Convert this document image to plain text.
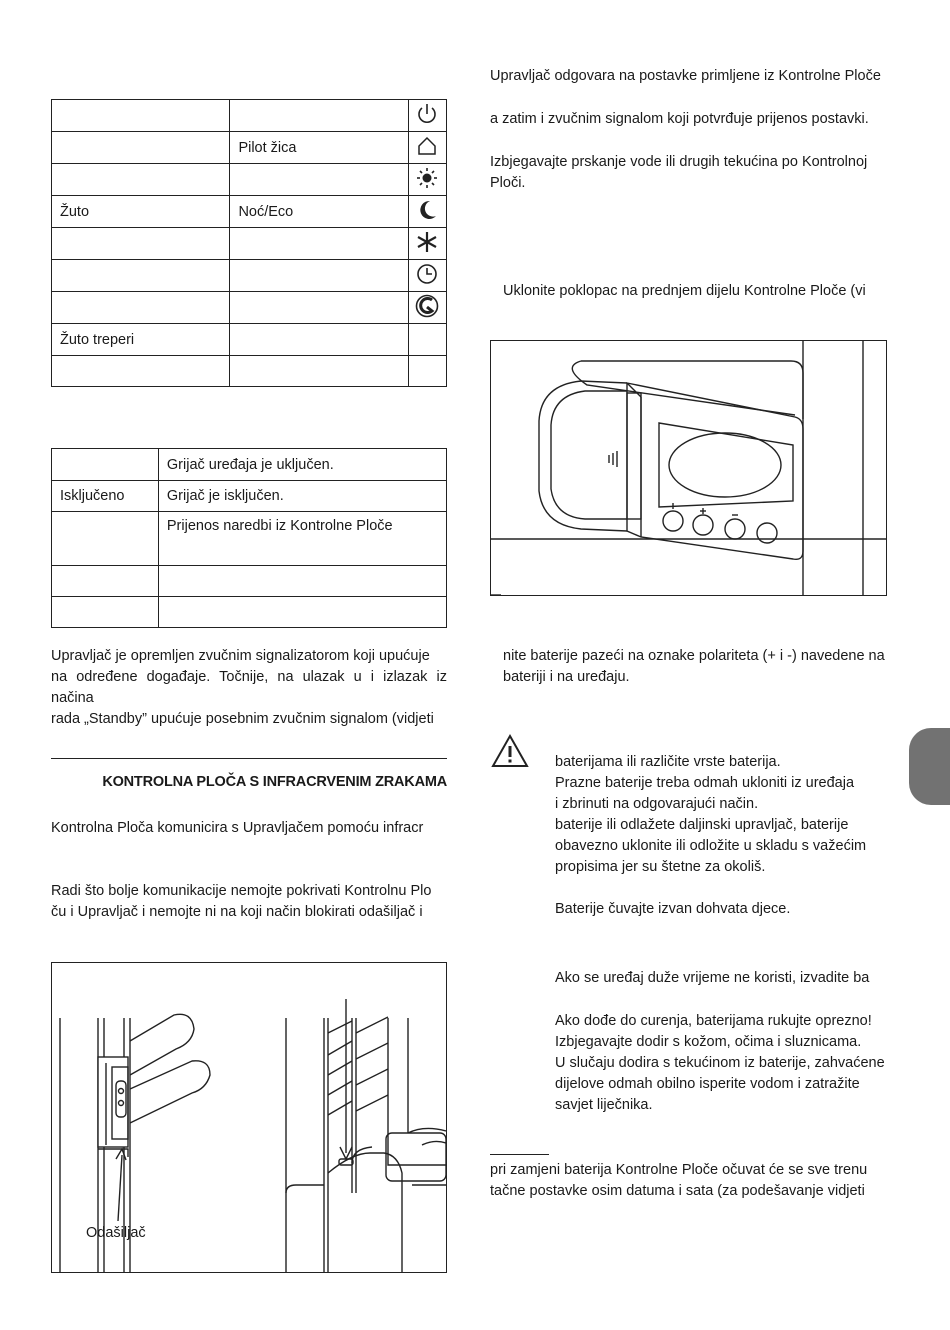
	Pilot žica	

Žuto	Noć/Eco	

Žuto treperi		

	Grijač uređaja je uključen.
Isključeno	Grijač je isključen.
	Prijenos naredbi iz Kontrolne Ploče

Upravljač je opremljen zvučnim signalizatorom koji upućuje
na određene događaje. Točnije, na ulazak u i izlazak iz načina
rada „Standby” upućuje posebnim zvučnim signalom (vidjeti
KONTROLNA PLOČA S INFRACRVENIM ZRAKAMA
Kontrolna Ploča komunicira s Upravljačem pomoću infracr
Radi što bolje komunikacije nemojte pokrivati Kontrolnu Plo
ču i Upravljač i nemojte ni na koji način blokirati odašiljač i
Odašiljač
Upravljač odgovara na postavke primljene iz Kontrolne Ploče
a zatim i zvučnim signalom koji potvrđuje prijenos postavki.
Izbjegavajte prskanje vode ili drugih tekućina po Kontrolnoj
Ploči.
Uklonite poklopac na prednjem dijelu Kontrolne Ploče (vi
nite baterije pazeći na oznake polariteta (+ i -) navedene na
bateriji i na uređaju.
baterijama ili različite vrste baterija.
Prazne baterije treba odmah ukloniti iz uređaja
i zbrinuti na odgovarajući način.
baterije ili odlažete daljinski upravljač, baterije
obavezno uklonite ili odložite u skladu s važećim
propisima jer su štetne za okoliš.
Baterije čuvajte izvan dohvata djece.
Ako se uređaj duže vrijeme ne koristi, izvadite ba
Ako dođe do curenja, baterijama rukujte oprezno!
Izbjegavajte dodir s kožom, očima i sluznicama.
U slučaju dodira s tekućinom iz baterije, zahvaćene
dijelove odmah obilno isperite vodom i zatražite
savjet liječnika.
pri zamjeni baterija Kontrolne Ploče očuvat će se sve trenu
tačne postavke osim datuma i sata (za podešavanje vidjeti
